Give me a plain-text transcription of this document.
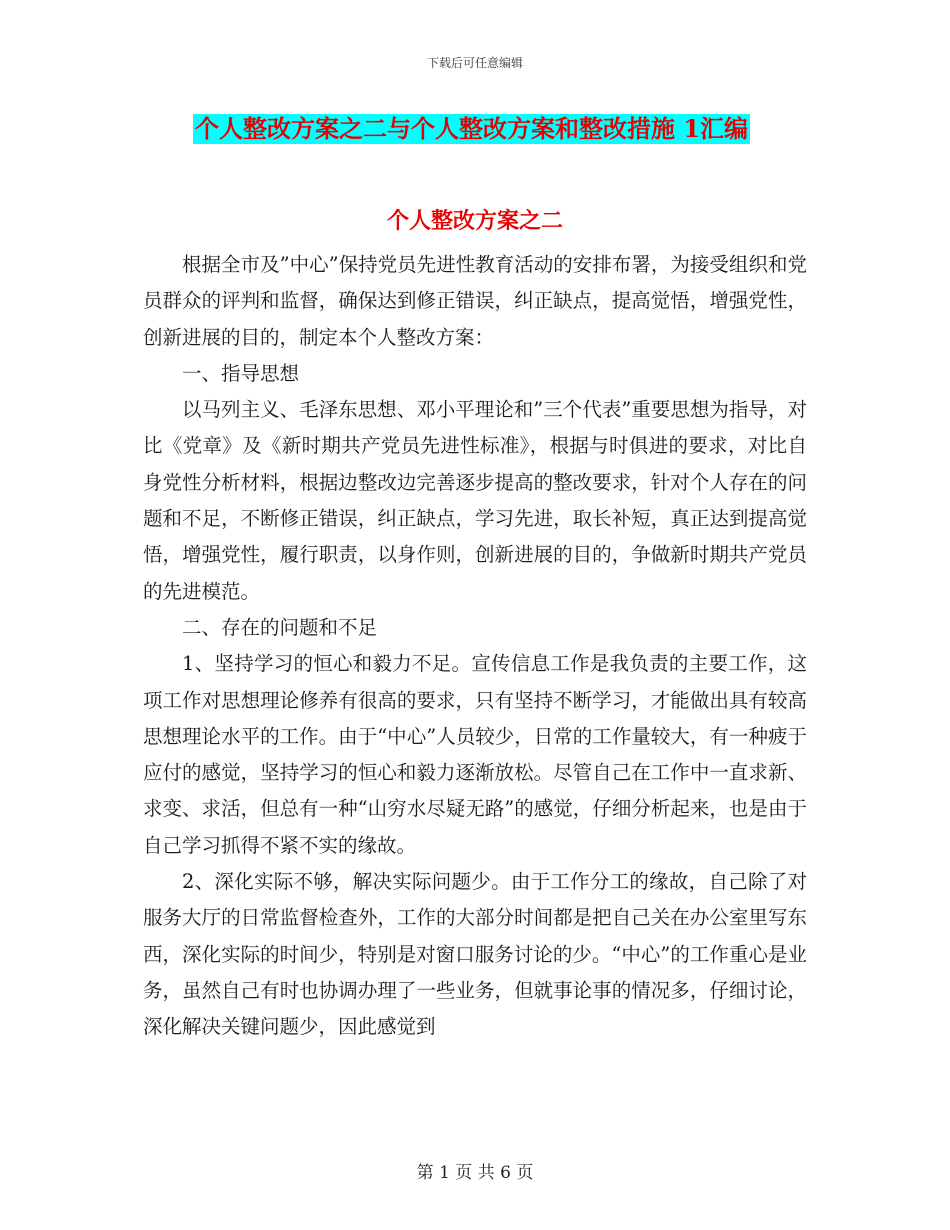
下载后可任意编辑
个人整改方案之二与个人整改方案和整改措施 1汇编
个人整改方案之二

根据全市及”中心”保持党员先进性教育活动的安排布署，为接受组织和党员群众的评判和监督，确保达到修正错误，纠正缺点，提高觉悟，增强党性，创新进展的目的，制定本个人整改方案：

一、指导思想

以马列主义、毛泽东思想、邓小平理论和”三个代表”重要思想为指导，对比《党章》及《新时期共产党员先进性标准》，根据与时俱进的要求，对比自身党性分析材料，根据边整改边完善逐步提高的整改要求，针对个人存在的问题和不足，不断修正错误，纠正缺点，学习先进，取长补短，真正达到提高觉悟，增强党性，履行职责，以身作则，创新进展的目的，争做新时期共产党员的先进模范。

二、存在的问题和不足

1、坚持学习的恒心和毅力不足。宣传信息工作是我负责的主要工作，这项工作对思想理论修养有很高的要求，只有坚持不断学习，才能做出具有较高思想理论水平的工作。由于“中心”人员较少，日常的工作量较大，有一种疲于应付的感觉，坚持学习的恒心和毅力逐渐放松。尽管自己在工作中一直求新、求变、求活，但总有一种“山穷水尽疑无路”的感觉，仔细分析起来，也是由于自己学习抓得不紧不实的缘故。

2、深化实际不够，解决实际问题少。由于工作分工的缘故，自己除了对服务大厅的日常监督检查外，工作的大部分时间都是把自己关在办公室里写东西，深化实际的时间少，特别是对窗口服务讨论的少。“中心”的工作重心是业务，虽然自己有时也协调办理了一些业务，但就事论事的情况多，仔细讨论，深化解决关键问题少，因此感觉到

第 1 页 共 6 页
